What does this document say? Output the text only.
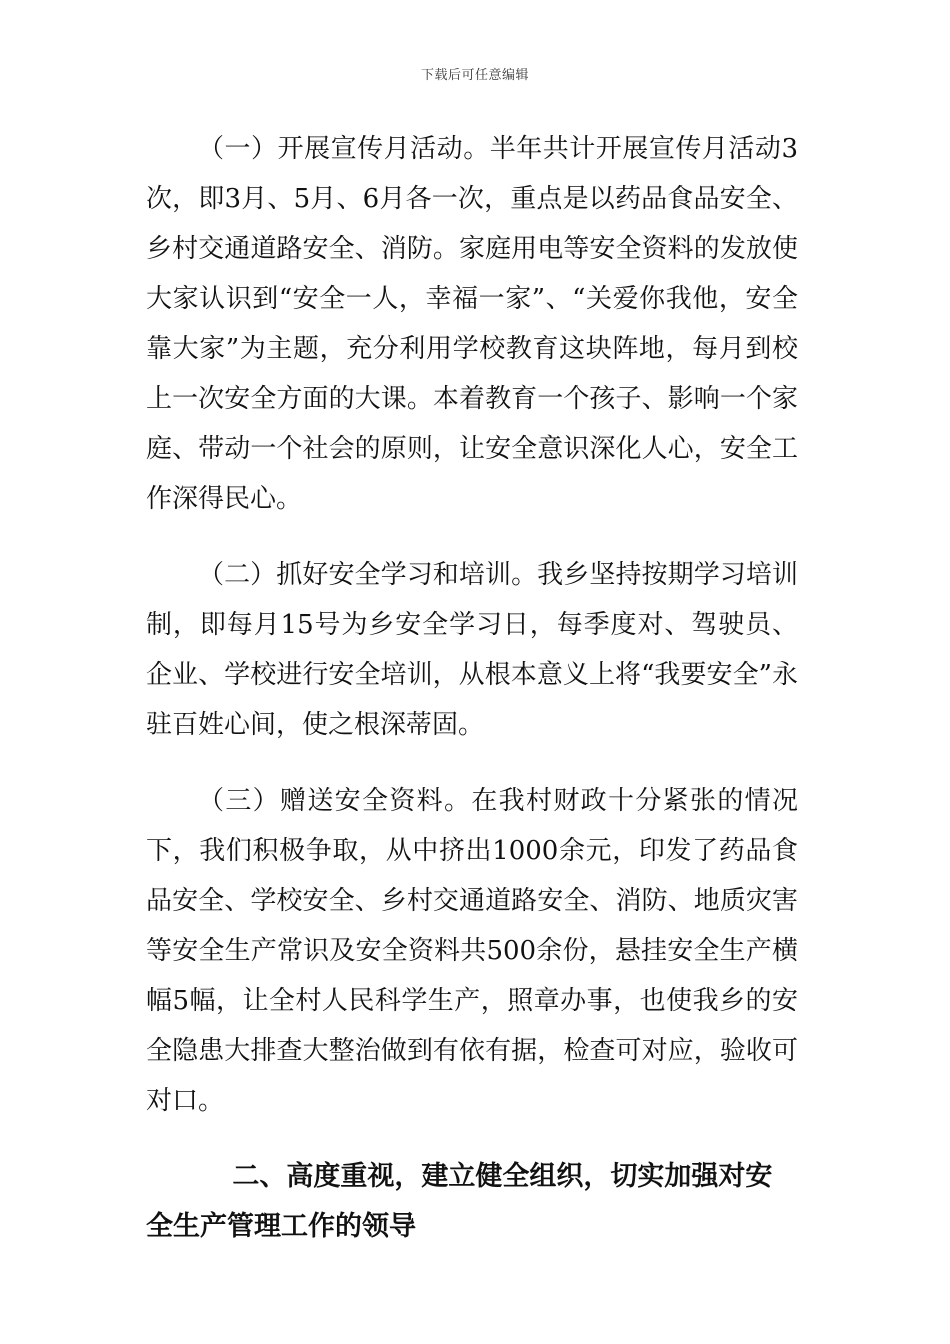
下载后可任意编辑

（一）开展宣传月活动。半年共计开展宣传月活动3次，即3月、5月、6月各一次，重点是以药品食品安全、乡村交通道路安全、消防。家庭用电等安全资料的发放使大家认识到“安全一人，幸福一家”、“关爱你我他，安全靠大家”为主题，充分利用学校教育这块阵地，每月到校上一次安全方面的大课。本着教育一个孩子、影响一个家庭、带动一个社会的原则，让安全意识深化人心，安全工作深得民心。

（二）抓好安全学习和培训。我乡坚持按期学习培训制，即每月15号为乡安全学习日，每季度对、驾驶员、企业、学校进行安全培训，从根本意义上将“我要安全”永驻百姓心间，使之根深蒂固。

（三）赠送安全资料。在我村财政十分紧张的情况下，我们积极争取，从中挤出1000余元，印发了药品食品安全、学校安全、乡村交通道路安全、消防、地质灾害等安全生产常识及安全资料共500余份，悬挂安全生产横幅5幅，让全村人民科学生产，照章办事，也使我乡的安全隐患大排查大整治做到有依有据，检查可对应，验收可对口。

二、高度重视，建立健全组织，切实加强对安全生产管理工作的领导
